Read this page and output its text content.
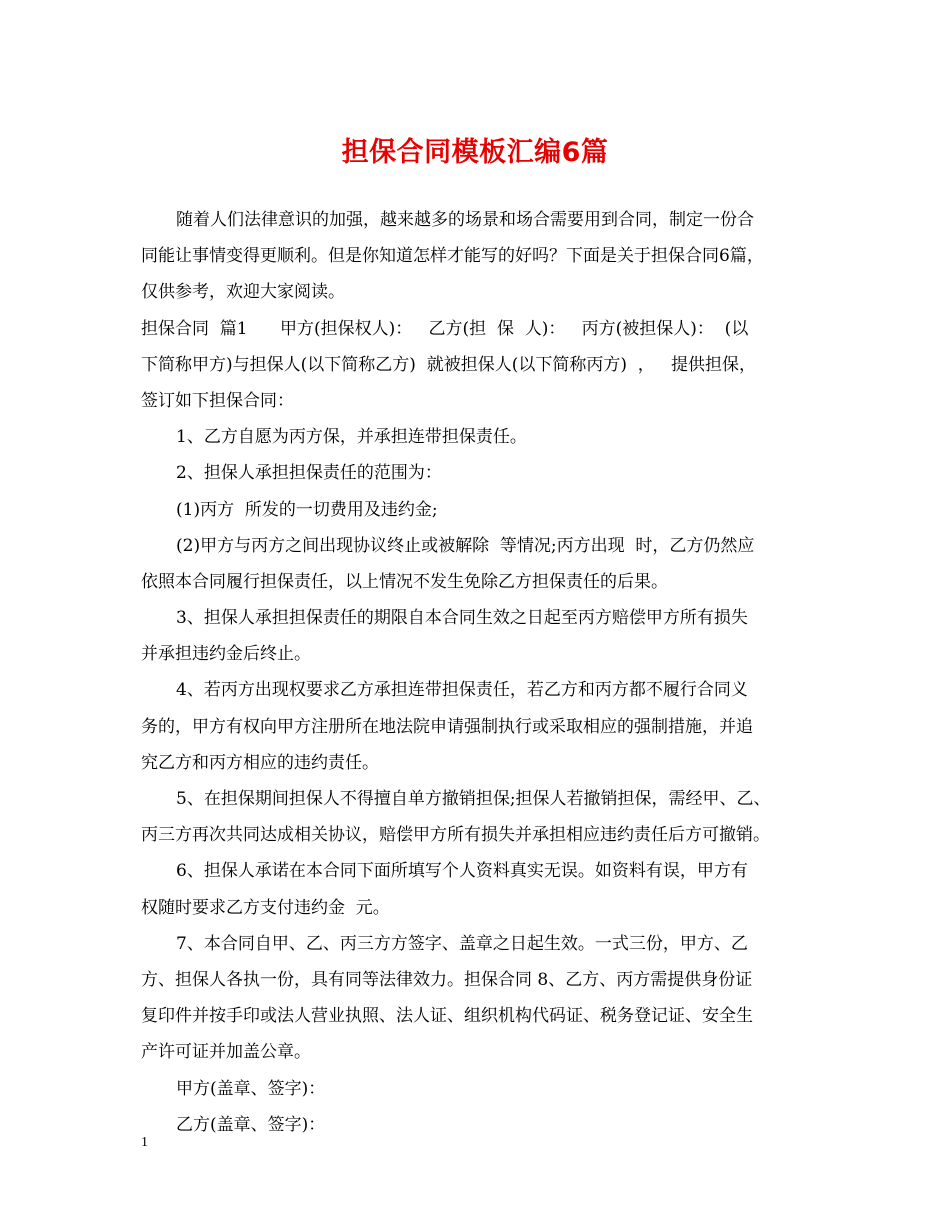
担保合同模板汇编6篇
随着人们法律意识的加强，越来越多的场景和场合需要用到合同，制定一份合
同能让事情变得更顺利。但是你知道怎样才能写的好吗？下面是关于担保合同6篇，
仅供参考，欢迎大家阅读。
担保合同  篇1      甲方(担保权人)：   乙方(担  保  人)：   丙方(被担保人)：  (以
下简称甲方)与担保人(以下简称乙方)  就被担保人(以下简称丙方)  ，   提供担保，
签订如下担保合同：
1、乙方自愿为丙方保，并承担连带担保责任。
2、担保人承担担保责任的范围为：
(1)丙方  所发的一切费用及违约金;
(2)甲方与丙方之间出现协议终止或被解除  等情况;丙方出现  时，乙方仍然应
依照本合同履行担保责任，以上情况不发生免除乙方担保责任的后果。
3、担保人承担担保责任的期限自本合同生效之日起至丙方赔偿甲方所有损失
并承担违约金后终止。
4、若丙方出现权要求乙方承担连带担保责任，若乙方和丙方都不履行合同义
务的，甲方有权向甲方注册所在地法院申请强制执行或采取相应的强制措施，并追
究乙方和丙方相应的违约责任。
5、在担保期间担保人不得擅自单方撤销担保;担保人若撤销担保，需经甲、乙、
丙三方再次共同达成相关协议，赔偿甲方所有损失并承担相应违约责任后方可撤销。
6、担保人承诺在本合同下面所填写个人资料真实无误。如资料有误，甲方有
权随时要求乙方支付违约金  元。
7、本合同自甲、乙、丙三方方签字、盖章之日起生效。一式三份，甲方、乙
方、担保人各执一份，具有同等法律效力。担保合同 8、乙方、丙方需提供身份证
复印件并按手印或法人营业执照、法人证、组织机构代码证、税务登记证、安全生
产许可证并加盖公章。
甲方(盖章、签字)：
乙方(盖章、签字)：
1
